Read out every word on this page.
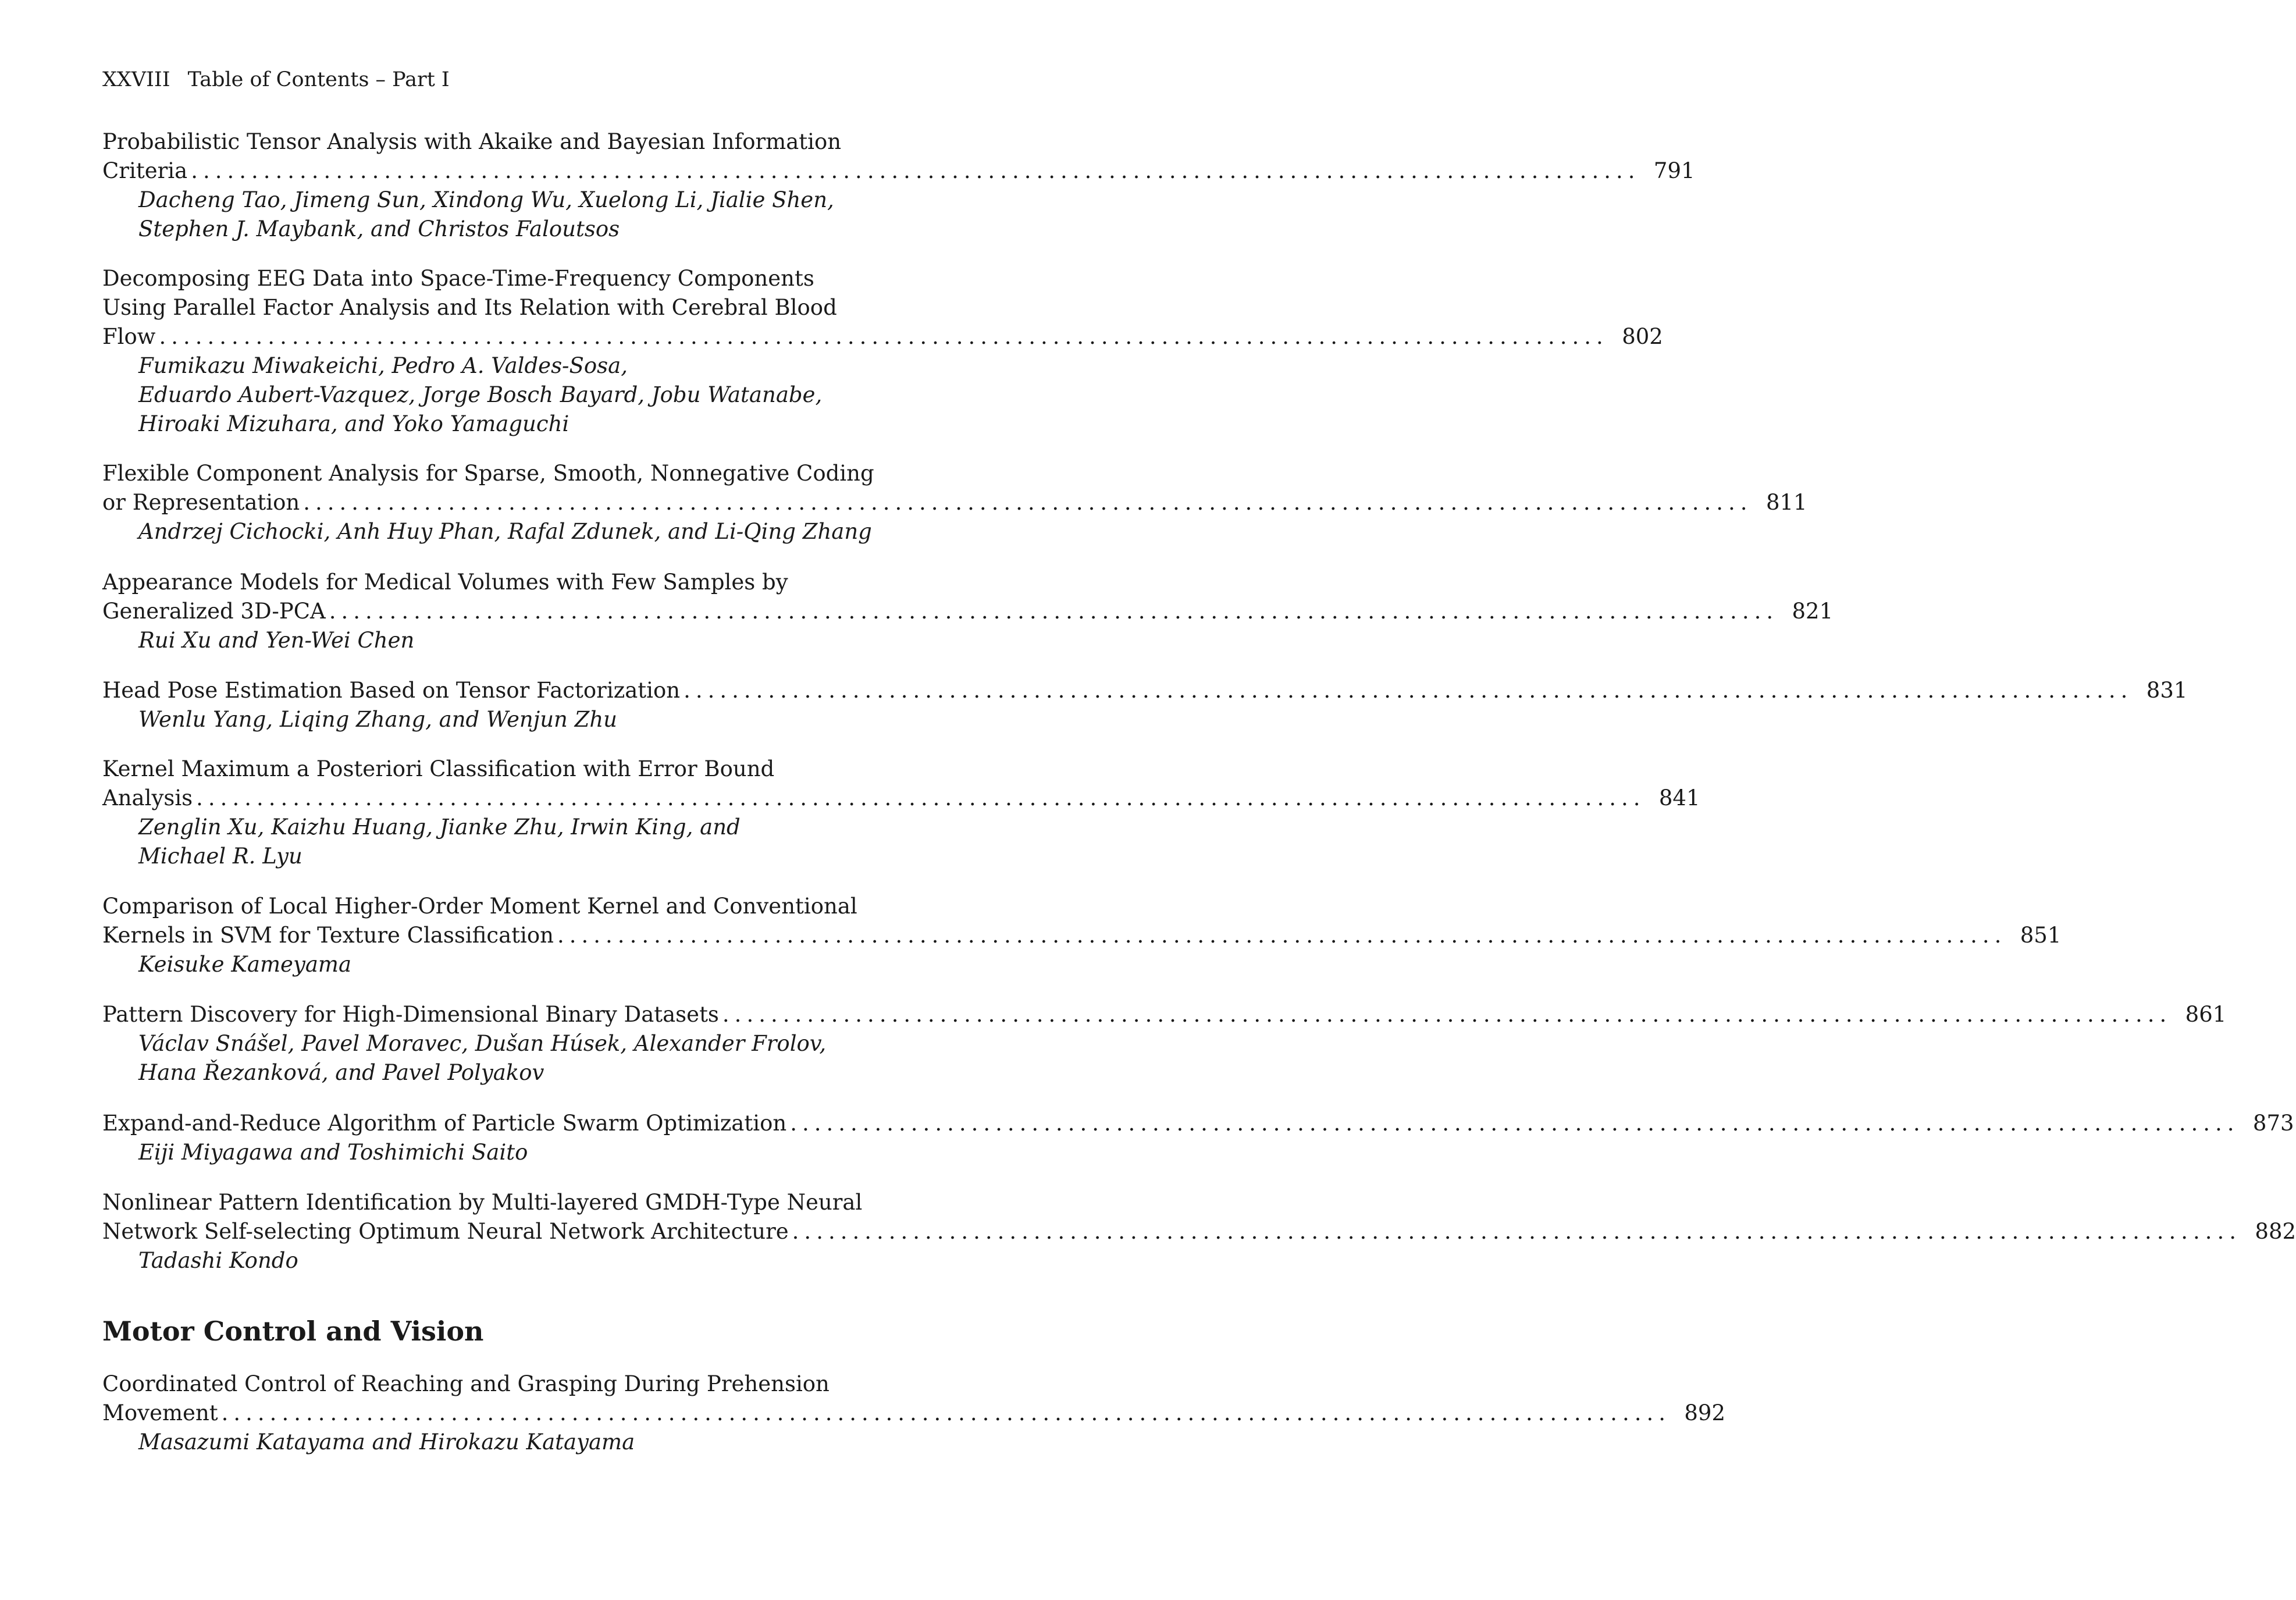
XXVIII Table of Contents – Part I
Probabilistic Tensor Analysis with Akaike and Bayesian Information
Criteria ........................................................................................................................ 791
Dacheng Tao, Jimeng Sun, Xindong Wu, Xuelong Li, Jialie Shen,
Stephen J. Maybank, and Christos Faloutsos
Decomposing EEG Data into Space-Time-Frequency Components
Using Parallel Factor Analysis and Its Relation with Cerebral Blood
Flow ........................................................................................................................ 802
Fumikazu Miwakeichi, Pedro A. Valdes-Sosa,
Eduardo Aubert-Vazquez, Jorge Bosch Bayard, Jobu Watanabe,
Hiroaki Mizuhara, and Yoko Yamaguchi
Flexible Component Analysis for Sparse, Smooth, Nonnegative Coding
or Representation ........................................................................................................................ 811
Andrzej Cichocki, Anh Huy Phan, Rafal Zdunek, and Li-Qing Zhang
Appearance Models for Medical Volumes with Few Samples by
Generalized 3D-PCA ........................................................................................................................ 821
Rui Xu and Yen-Wei Chen
Head Pose Estimation Based on Tensor Factorization ........................................................................................................................ 831
Wenlu Yang, Liqing Zhang, and Wenjun Zhu
Kernel Maximum a Posteriori Classification with Error Bound
Analysis ........................................................................................................................ 841
Zenglin Xu, Kaizhu Huang, Jianke Zhu, Irwin King, and
Michael R. Lyu
Comparison of Local Higher-Order Moment Kernel and Conventional
Kernels in SVM for Texture Classification ........................................................................................................................ 851
Keisuke Kameyama
Pattern Discovery for High-Dimensional Binary Datasets ........................................................................................................................ 861
Václav Snášel, Pavel Moravec, Dušan Húsek, Alexander Frolov,
Hana Řezanková, and Pavel Polyakov
Expand-and-Reduce Algorithm of Particle Swarm Optimization ........................................................................................................................ 873
Eiji Miyagawa and Toshimichi Saito
Nonlinear Pattern Identification by Multi-layered GMDH-Type Neural
Network Self-selecting Optimum Neural Network Architecture ........................................................................................................................ 882
Tadashi Kondo
Motor Control and Vision
Coordinated Control of Reaching and Grasping During Prehension
Movement ........................................................................................................................ 892
Masazumi Katayama and Hirokazu Katayama
